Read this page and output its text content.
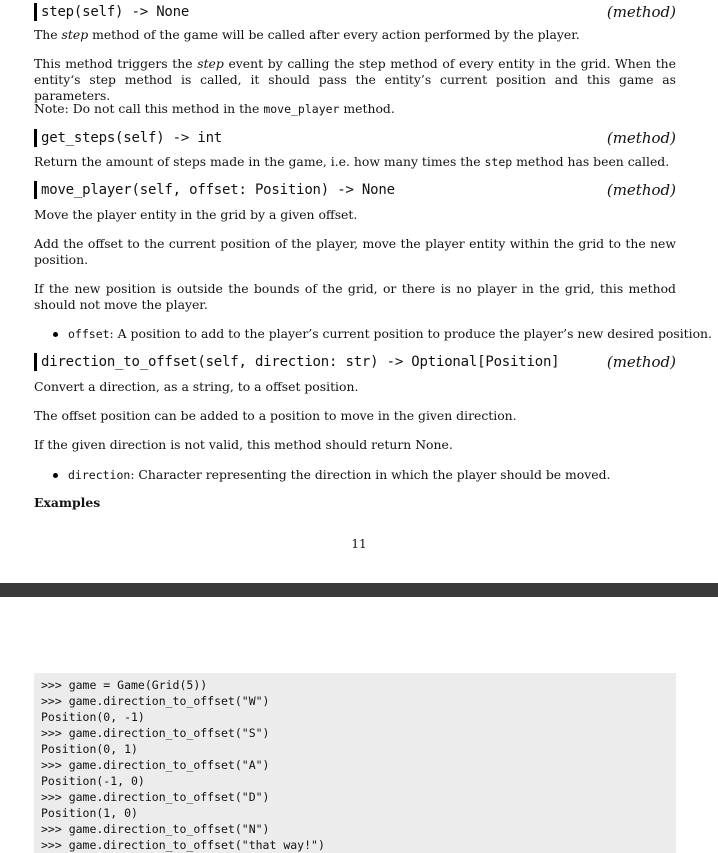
step(self) -> None	(method)
The step method of the game will be called after every action performed by the player.
This method triggers the step event by calling the step method of every entity in the grid. When the entity‘s step method is called, it should pass the entity’s current position and this game as parameters.
Note: Do not call this method in the move_player method.
get_steps(self) -> int	(method)
Return the amount of steps made in the game, i.e. how many times the step method has been called.
move_player(self, offset: Position) -> None	(method)
Move the player entity in the grid by a given offset.
Add the offset to the current position of the player, move the player entity within the grid to the new position.
If the new position is outside the bounds of the grid, or there is no player in the grid, this method should not move the player.
offset: A position to add to the player’s current position to produce the player’s new desired position.
direction_to_offset(self, direction: str) -> Optional[Position]	(method)
Convert a direction, as a string, to a offset position.
The offset position can be added to a position to move in the given direction.
If the given direction is not valid, this method should return None.
direction: Character representing the direction in which the player should be moved.
Examples
11
>>> game = Game(Grid(5))
>>> game.direction_to_offset("W")
Position(0, -1)
>>> game.direction_to_offset("S")
Position(0, 1)
>>> game.direction_to_offset("A")
Position(-1, 0)
>>> game.direction_to_offset("D")
Position(1, 0)
>>> game.direction_to_offset("N")
>>> game.direction_to_offset("that way!")
